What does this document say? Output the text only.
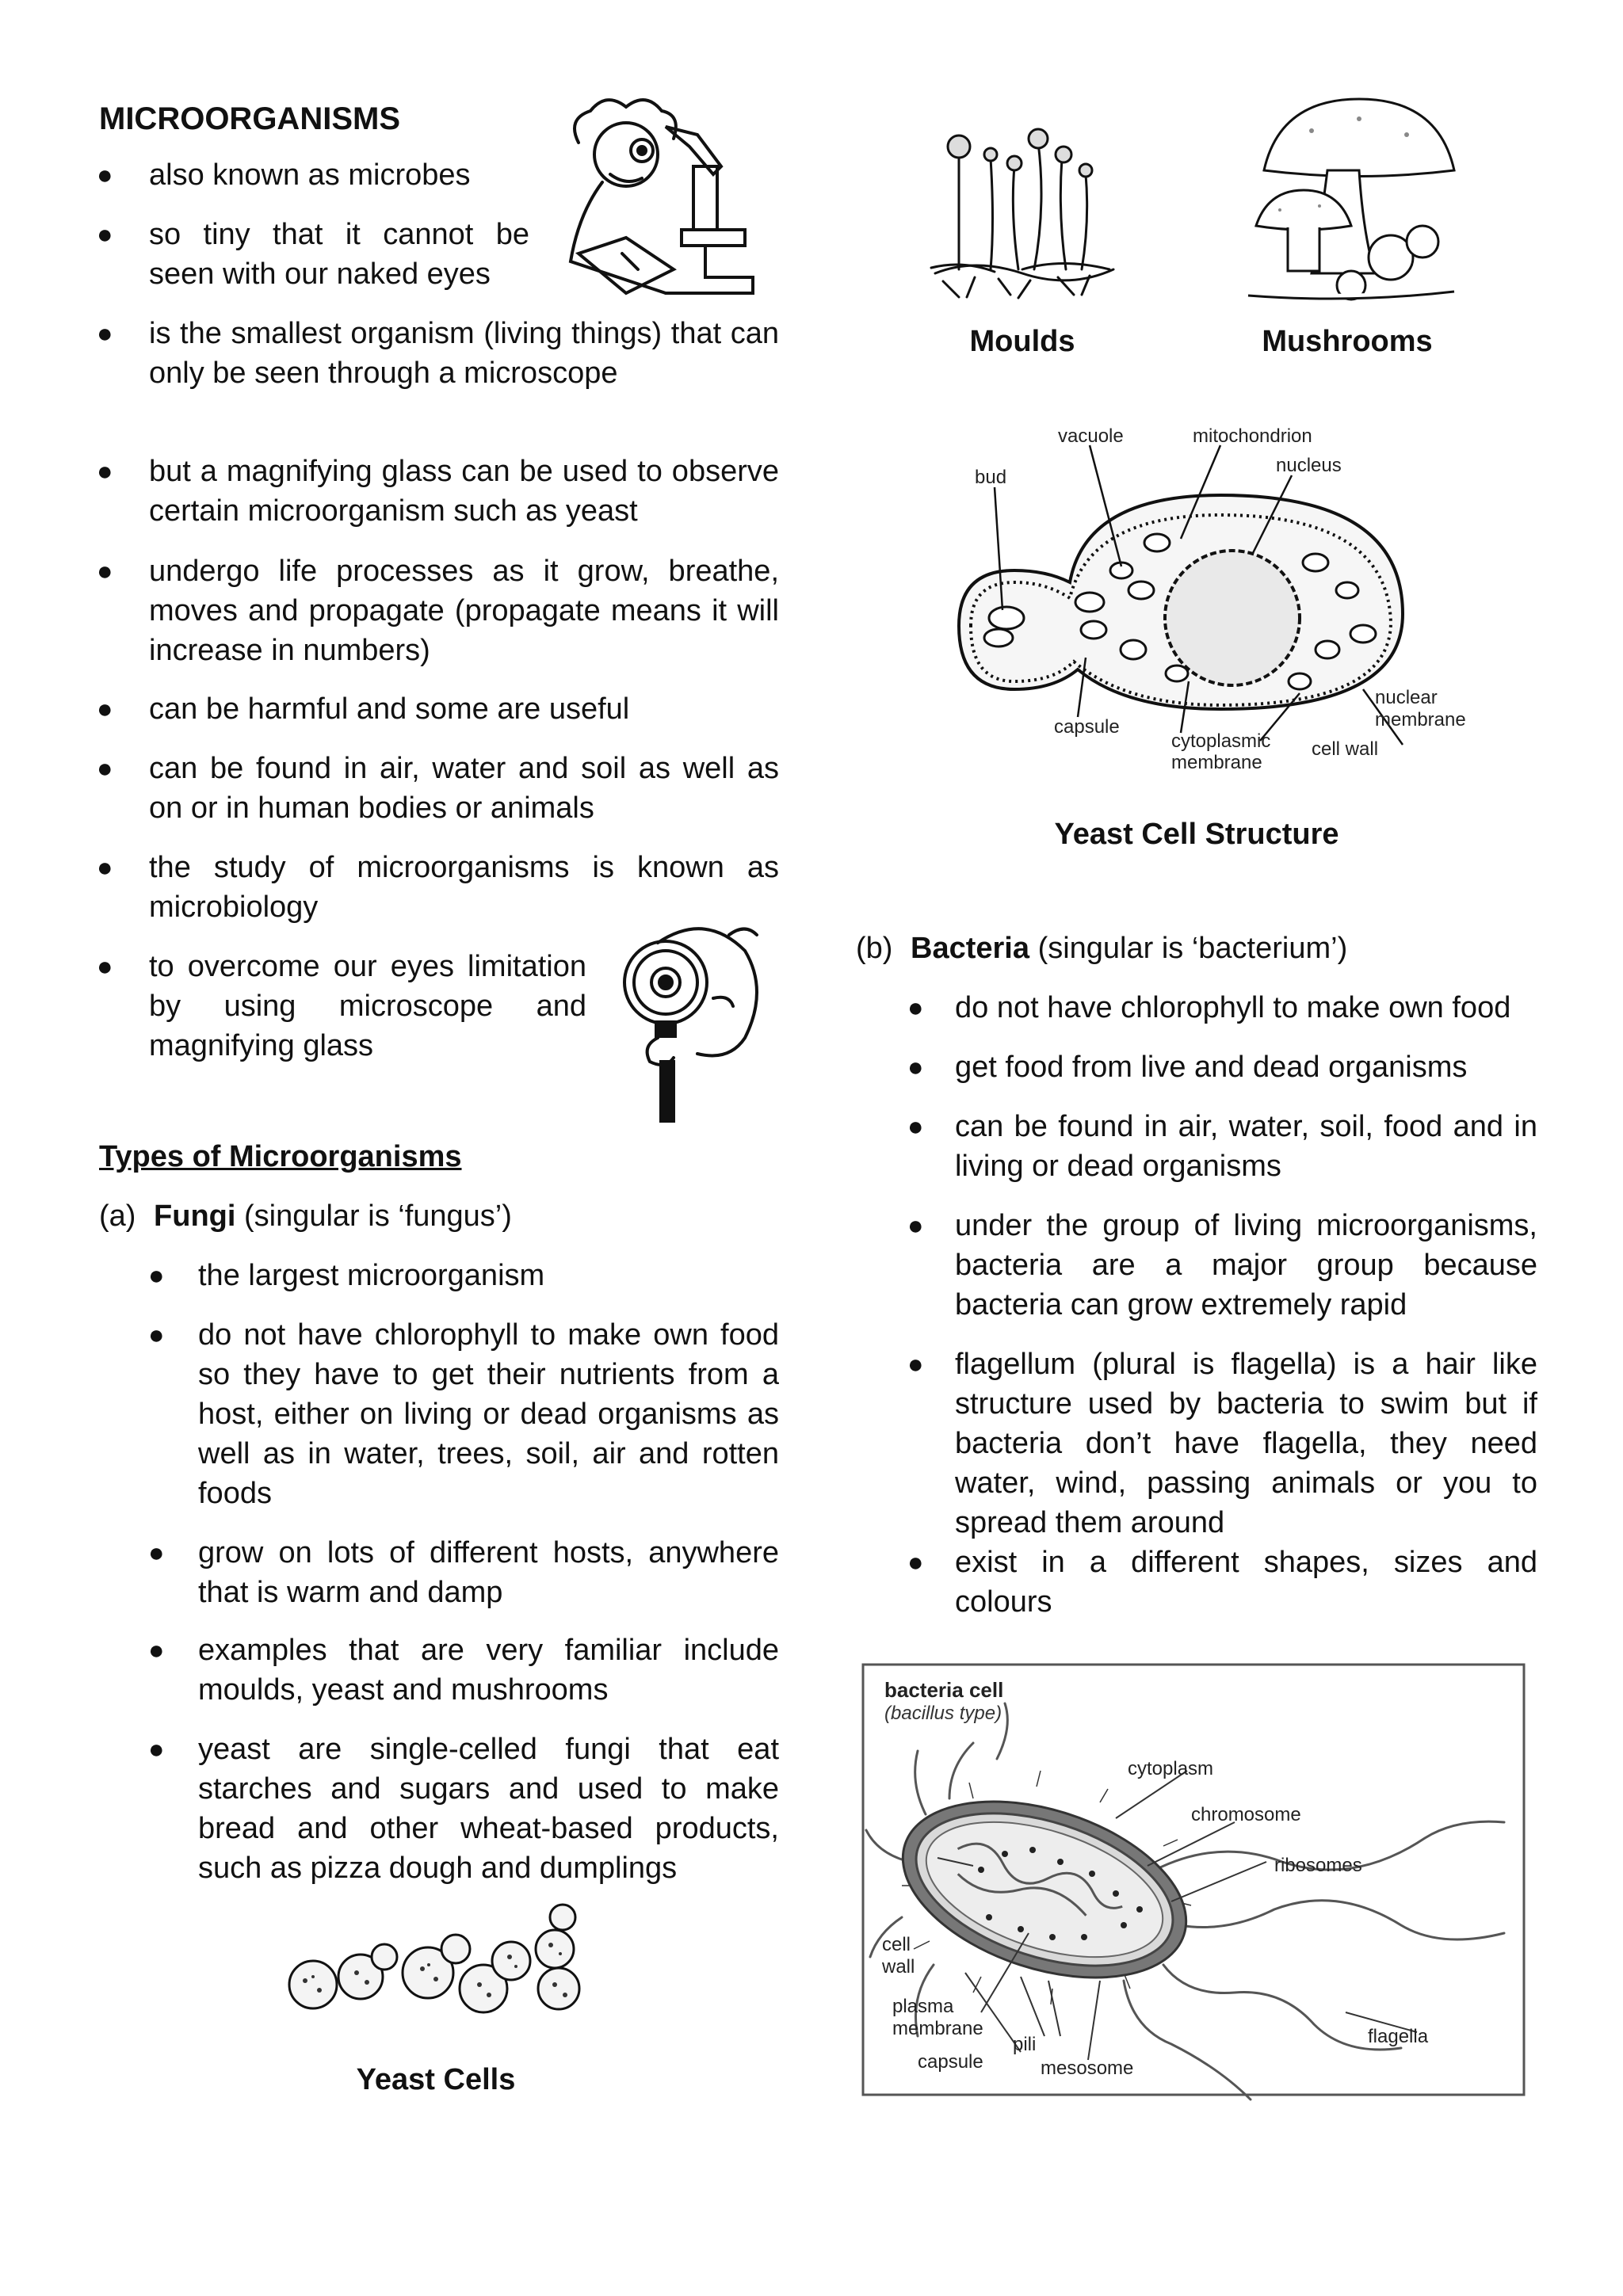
MICROORGANISMS
● also known as microbes
● so tiny that it cannot be seen with our naked eyes
● is the smallest organism (living things) that can only be seen through a microscope
● but a magnifying glass can be used to observe certain microorganism such as yeast
● undergo life processes as it grow, breathe, moves and propagate (propagate means it will increase in numbers)
● can be harmful and some are useful
● can be found in air, water and soil as well as on or in human bodies or animals
● the study of microorganisms is known as microbiology
● to overcome our eyes limitation by using microscope and magnifying glass
Types of Microorganisms
(a) Fungi (singular is ‘fungus’)
● the largest microorganism
● do not have chlorophyll to make own food so they have to get their nutrients from a host, either on living or dead organisms as well as in water, trees, soil, air and rotten foods
● grow on lots of different hosts, anywhere that is warm and damp
● examples that are very familiar include moulds, yeast and mushrooms
● yeast are single-celled fungi that eat starches and sugars and used to make bread and other wheat-based products, such as pizza dough and dumplings
Yeast Cells
Moulds	Mushrooms
vacuole	mitochondrion
nucleus
bud
capsule
cytoplasmic
membrane
cell wall
nuclear
membrane
Yeast Cell Structure
(b) Bacteria (singular is ‘bacterium’)
● do not have chlorophyll to make own food
● get food from live and dead organisms
● can be found in air, water, soil, food and in living or dead organisms
● under the group of living microorganisms, bacteria are a major group because bacteria can grow extremely rapid
● flagellum (plural is flagella) is a hair like structure used by bacteria to swim but if bacteria don’t have flagella, they need water, wind, passing animals or you to spread them around
● exist in a different shapes, sizes and colours
bacteria cell
(bacillus type)
cytoplasm
chromosome
ribosomes
cell
wall
plasma
membrane
pili
capsule	mesosome
flagella
